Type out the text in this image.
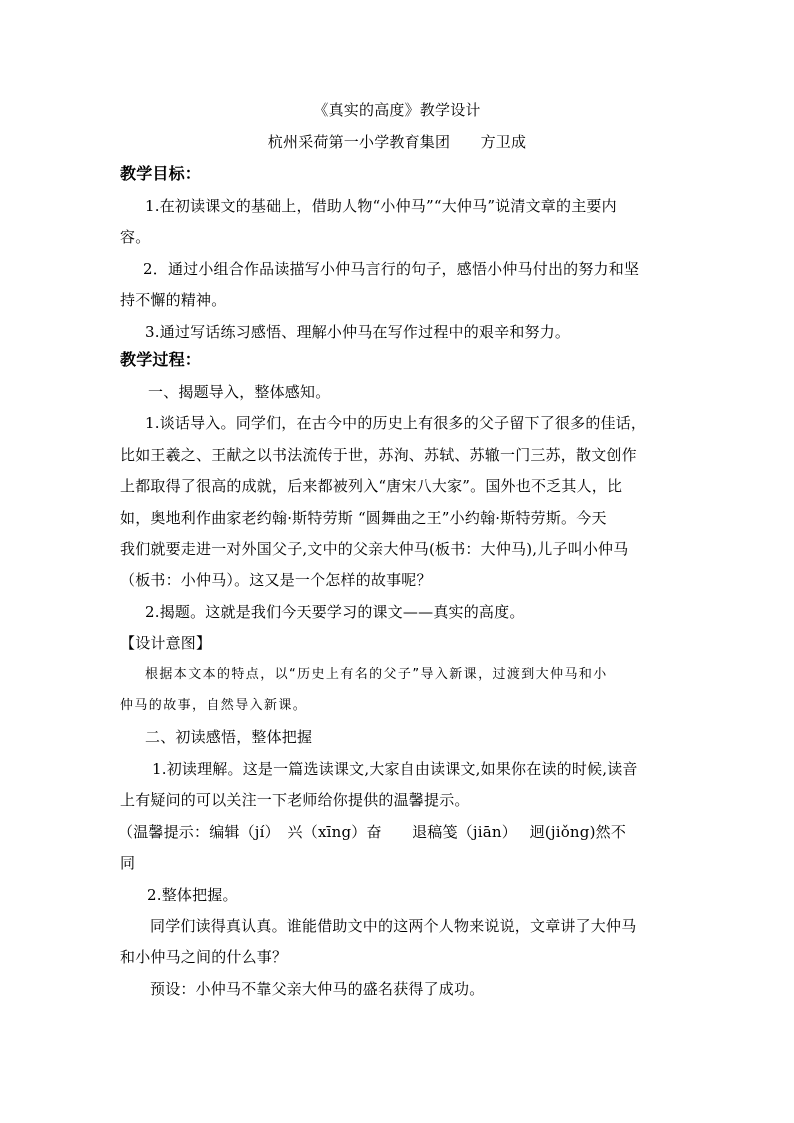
《真实的高度》教学设计
杭州采荷第一小学教育集团　　方卫成
教学目标：
1.在初读课文的基础上，借助人物“小仲马”“大仲马”说清文章的主要内
容。
2．通过小组合作品读描写小仲马言行的句子，感悟小仲马付出的努力和坚
持不懈的精神。
3.通过写话练习感悟、理解小仲马在写作过程中的艰辛和努力。
教学过程：
一、揭题导入，整体感知。
1.谈话导入。同学们，在古今中的历史上有很多的父子留下了很多的佳话，
比如王羲之、王献之以书法流传于世，苏洵、苏轼、苏辙一门三苏，散文创作
上都取得了很高的成就，后来都被列入“唐宋八大家”。国外也不乏其人，比
如，奥地利作曲家老约翰·斯特劳斯 “圆舞曲之王”小约翰·斯特劳斯。今天
我们就要走进一对外国父子,文中的父亲大仲马(板书：大仲马),儿子叫小仲马
（板书：小仲马）。这又是一个怎样的故事呢？
2.揭题。这就是我们今天要学习的课文——真实的高度。
【设计意图】
根据本文本的特点，以“历史上有名的父子”导入新课，过渡到大仲马和小
仲马的故事，自然导入新课。
二、初读感悟，整体把握
1.初读理解。这是一篇选读课文,大家自由读课文,如果你在读的时候,读音
上有疑问的可以关注一下老师给你提供的温馨提示。
（温馨提示：编辑（jí）　兴（xīng）奋　　退稿笺（jiān）　 迥(jiǒng)然不
同
2.整体把握。
同学们读得真认真。谁能借助文中的这两个人物来说说，文章讲了大仲马
和小仲马之间的什么事？
预设：小仲马不靠父亲大仲马的盛名获得了成功。
